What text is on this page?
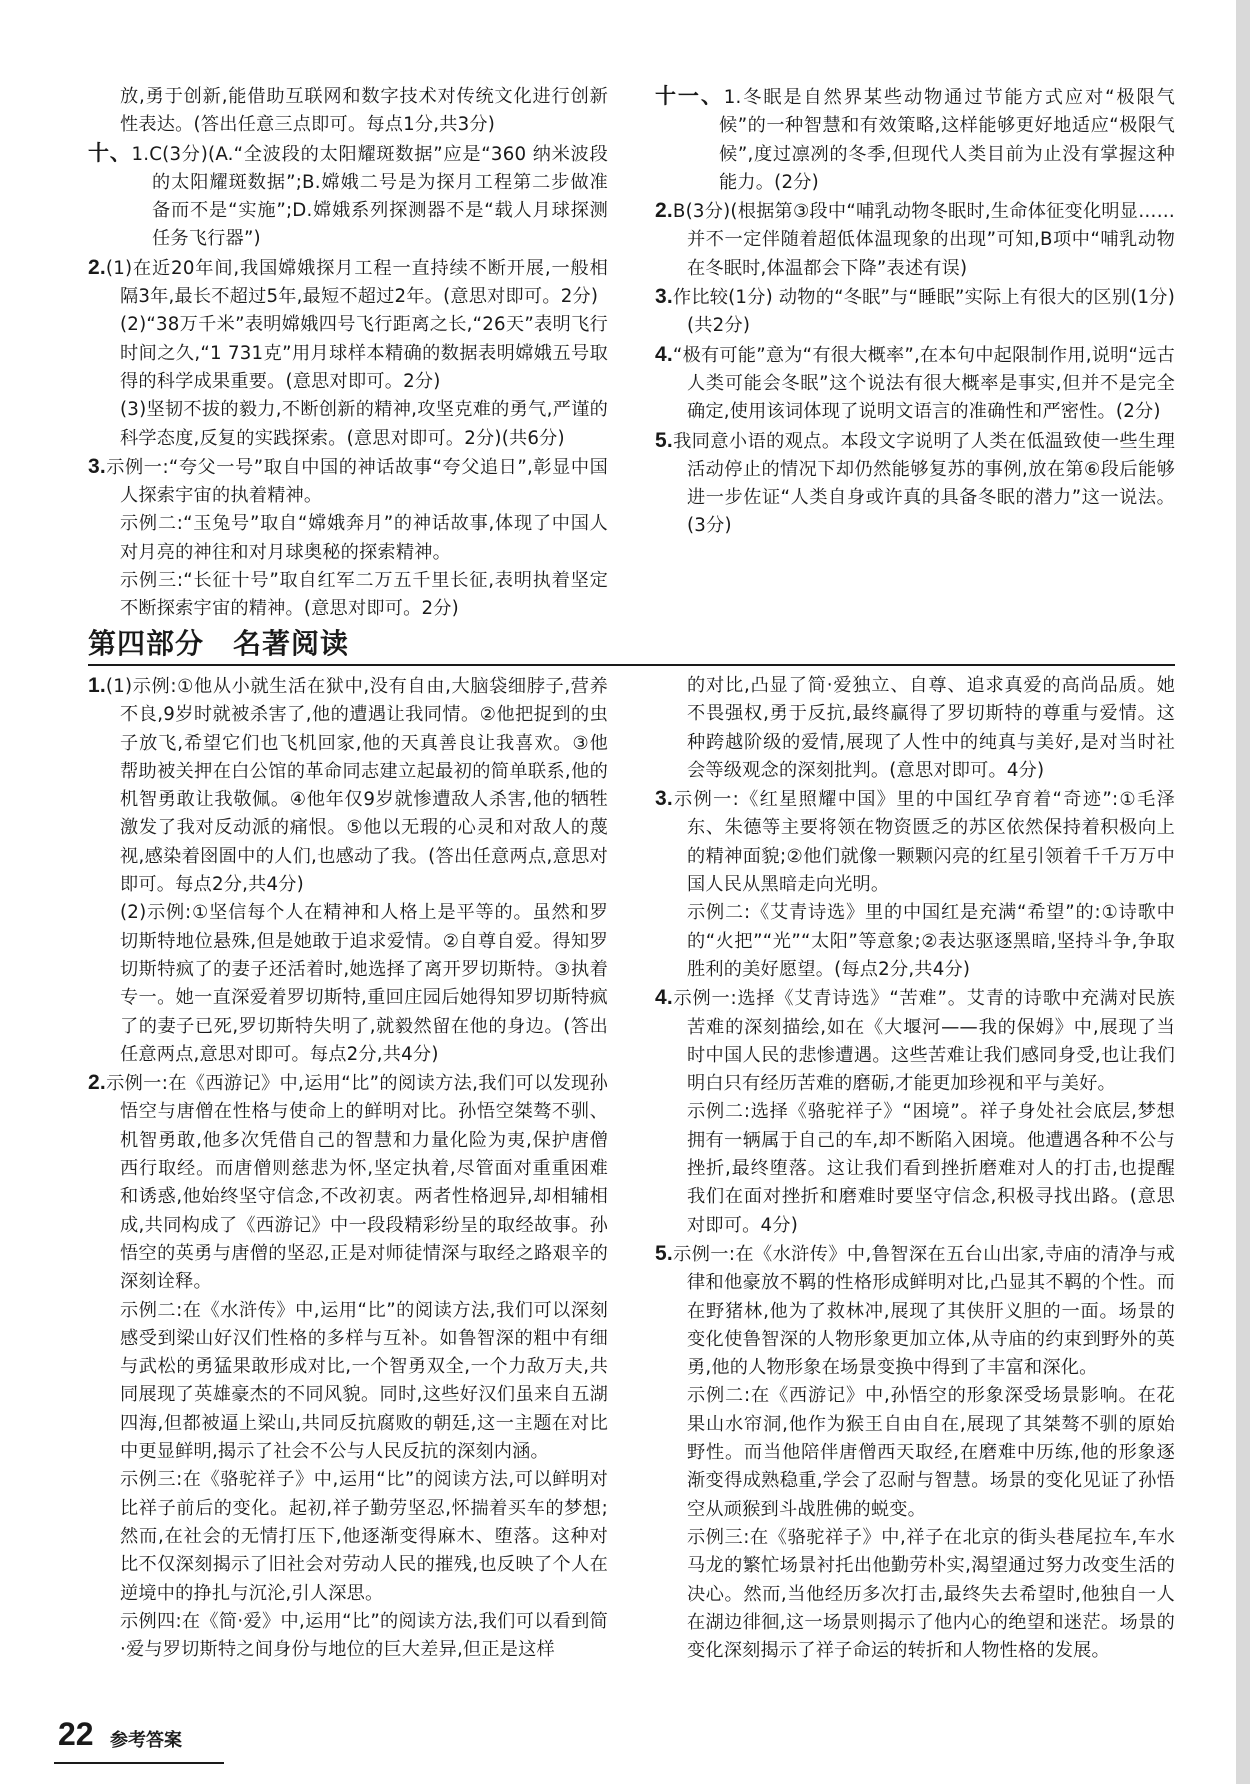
放,勇于创新,能借助互联网和数字技术对传统文化进行创新性表达。(答出任意三点即可。每点1分,共3分)

十、1.C(3分)(A.“全波段的太阳耀斑数据”应是“360 纳米波段的太阳耀斑数据”;B.嫦娥二号是为探月工程第二步做准备而不是“实施”;D.嫦娥系列探测器不是“载人月球探测任务飞行器”)

2.(1)在近20年间,我国嫦娥探月工程一直持续不断开展,一般相隔3年,最长不超过5年,最短不超过2年。(意思对即可。2分)

(2)“38万千米”表明嫦娥四号飞行距离之长,“26天”表明飞行时间之久,“1 731克”用月球样本精确的数据表明嫦娥五号取得的科学成果重要。(意思对即可。2分)

(3)坚韧不拔的毅力,不断创新的精神,攻坚克难的勇气,严谨的科学态度,反复的实践探索。(意思对即可。2分)(共6分)

3.示例一:“夸父一号”取自中国的神话故事“夸父追日”,彰显中国人探索宇宙的执着精神。

示例二:“玉兔号”取自“嫦娥奔月”的神话故事,体现了中国人对月亮的神往和对月球奥秘的探索精神。

示例三:“长征十号”取自红军二万五千里长征,表明执着坚定不断探索宇宙的精神。(意思对即可。2分)

十一、1.冬眠是自然界某些动物通过节能方式应对“极限气候”的一种智慧和有效策略,这样能够更好地适应“极限气候”,度过凛冽的冬季,但现代人类目前为止没有掌握这种能力。(2分)

2.B(3分)(根据第③段中“哺乳动物冬眠时,生命体征变化明显……并不一定伴随着超低体温现象的出现”可知,B项中“哺乳动物在冬眠时,体温都会下降”表述有误)

3.作比较(1分) 动物的“冬眠”与“睡眠”实际上有很大的区别(1分)(共2分)

4.“极有可能”意为“有很大概率”,在本句中起限制作用,说明“远古人类可能会冬眠”这个说法有很大概率是事实,但并不是完全确定,使用该词体现了说明文语言的准确性和严密性。(2分)

5.我同意小语的观点。本段文字说明了人类在低温致使一些生理活动停止的情况下却仍然能够复苏的事例,放在第⑥段后能够进一步佐证“人类自身或许真的具备冬眠的潜力”这一说法。(3分)

第四部分　名著阅读

1.(1)示例:①他从小就生活在狱中,没有自由,大脑袋细脖子,营养不良,9岁时就被杀害了,他的遭遇让我同情。②他把捉到的虫子放飞,希望它们也飞机回家,他的天真善良让我喜欢。③他帮助被关押在白公馆的革命同志建立起最初的简单联系,他的机智勇敢让我敬佩。④他年仅9岁就惨遭敌人杀害,他的牺牲激发了我对反动派的痛恨。⑤他以无瑕的心灵和对敌人的蔑视,感染着囹圄中的人们,也感动了我。(答出任意两点,意思对即可。每点2分,共4分)

(2)示例:①坚信每个人在精神和人格上是平等的。虽然和罗切斯特地位悬殊,但是她敢于追求爱情。②自尊自爱。得知罗切斯特疯了的妻子还活着时,她选择了离开罗切斯特。③执着专一。她一直深爱着罗切斯特,重回庄园后她得知罗切斯特疯了的妻子已死,罗切斯特失明了,就毅然留在他的身边。(答出任意两点,意思对即可。每点2分,共4分)

2.示例一:在《西游记》中,运用“比”的阅读方法,我们可以发现孙悟空与唐僧在性格与使命上的鲜明对比。孙悟空桀骜不驯、机智勇敢,他多次凭借自己的智慧和力量化险为夷,保护唐僧西行取经。而唐僧则慈悲为怀,坚定执着,尽管面对重重困难和诱惑,他始终坚守信念,不改初衷。两者性格迥异,却相辅相成,共同构成了《西游记》中一段段精彩纷呈的取经故事。孙悟空的英勇与唐僧的坚忍,正是对师徒情深与取经之路艰辛的深刻诠释。

示例二:在《水浒传》中,运用“比”的阅读方法,我们可以深刻感受到梁山好汉们性格的多样与互补。如鲁智深的粗中有细与武松的勇猛果敢形成对比,一个智勇双全,一个力敌万夫,共同展现了英雄豪杰的不同风貌。同时,这些好汉们虽来自五湖四海,但都被逼上梁山,共同反抗腐败的朝廷,这一主题在对比中更显鲜明,揭示了社会不公与人民反抗的深刻内涵。

示例三:在《骆驼祥子》中,运用“比”的阅读方法,可以鲜明对比祥子前后的变化。起初,祥子勤劳坚忍,怀揣着买车的梦想;然而,在社会的无情打压下,他逐渐变得麻木、堕落。这种对比不仅深刻揭示了旧社会对劳动人民的摧残,也反映了个人在逆境中的挣扎与沉沦,引人深思。

示例四:在《简·爱》中,运用“比”的阅读方法,我们可以看到简·爱与罗切斯特之间身份与地位的巨大差异,但正是这样

的对比,凸显了简·爱独立、自尊、追求真爱的高尚品质。她不畏强权,勇于反抗,最终赢得了罗切斯特的尊重与爱情。这种跨越阶级的爱情,展现了人性中的纯真与美好,是对当时社会等级观念的深刻批判。(意思对即可。4分)

3.示例一:《红星照耀中国》里的中国红孕育着“奇迹”:①毛泽东、朱德等主要将领在物资匮乏的苏区依然保持着积极向上的精神面貌;②他们就像一颗颗闪亮的红星引领着千千万万中国人民从黑暗走向光明。

示例二:《艾青诗选》里的中国红是充满“希望”的:①诗歌中的“火把”“光”“太阳”等意象;②表达驱逐黑暗,坚持斗争,争取胜利的美好愿望。(每点2分,共4分)

4.示例一:选择《艾青诗选》“苦难”。艾青的诗歌中充满对民族苦难的深刻描绘,如在《大堰河——我的保姆》中,展现了当时中国人民的悲惨遭遇。这些苦难让我们感同身受,也让我们明白只有经历苦难的磨砺,才能更加珍视和平与美好。

示例二:选择《骆驼祥子》“困境”。祥子身处社会底层,梦想拥有一辆属于自己的车,却不断陷入困境。他遭遇各种不公与挫折,最终堕落。这让我们看到挫折磨难对人的打击,也提醒我们在面对挫折和磨难时要坚守信念,积极寻找出路。(意思对即可。4分)

5.示例一:在《水浒传》中,鲁智深在五台山出家,寺庙的清净与戒律和他豪放不羁的性格形成鲜明对比,凸显其不羁的个性。而在野猪林,他为了救林冲,展现了其侠肝义胆的一面。场景的变化使鲁智深的人物形象更加立体,从寺庙的约束到野外的英勇,他的人物形象在场景变换中得到了丰富和深化。

示例二:在《西游记》中,孙悟空的形象深受场景影响。在花果山水帘洞,他作为猴王自由自在,展现了其桀骜不驯的原始野性。而当他陪伴唐僧西天取经,在磨难中历练,他的形象逐渐变得成熟稳重,学会了忍耐与智慧。场景的变化见证了孙悟空从顽猴到斗战胜佛的蜕变。

示例三:在《骆驼祥子》中,祥子在北京的街头巷尾拉车,车水马龙的繁忙场景衬托出他勤劳朴实,渴望通过努力改变生活的决心。然而,当他经历多次打击,最终失去希望时,他独自一人在湖边徘徊,这一场景则揭示了他内心的绝望和迷茫。场景的变化深刻揭示了祥子命运的转折和人物性格的发展。

22 参考答案
